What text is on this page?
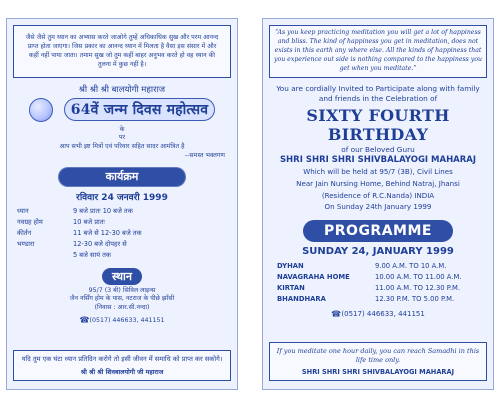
जैसे जैसे तुम ध्यान का अभ्यास करते जाओगे तुम्हें अधिकाधिक सुख और परम आनन्द प्राप्त होता जाएगा। जिस प्रकार का आनन्द ध्यान में मिलता है वैसा इस संसार में और कहीं नहीं पाया जाता। तमाम सुख जो तुम कहीं बाहर अनुभव करते हो वह ध्यान की तुलना में कुछ नहीं है।
श्री श्री श्री बालयोगी महाराज
64वें जन्म दिवस महोत्सव
के
पर
आप सभी इष्ट मित्रों एवं परिवार सहित सादर आमंत्रित है
--समस्त भक्तगण
कार्यक्रम
रविवार 24 जनवरी 1999
ध्यान	9 बजे प्रातः 10 बजे तक
नवग्रह होम	10 बजे प्रातः
कीर्तन	11 बजे से 12-30 बजे तक
भण्डारा	12-30 बजे दोपहर से
5 बजे सायं तक
स्थान
95/7 (3 बी) सिविल लाइन्स
जैन नर्सिंग होम के पास, नटराज के पीछे झाँसी
(निवास : आर.सी.नन्दा)
☎ (0517) 446633, 441151
यदि तुम एक घंटा ध्यान प्रतिदिन करोगे तो इसी जीवन में समाधि को प्राप्त कर सकोगे।
श्री श्री श्री शिवबालयोगी जी महाराज
“As you keep practicing meditation you will get a lot of happiness and bliss. The kind of happiness you get in meditation, does not exists in this earth any where else. All the kinds of happiness that you experience out side is nothing compared to the happiness you get when you meditate.”
You are cordially Invited to Participate along with family
and friends in the Celebration of
SIXTY FOURTH BIRTHDAY
of our Beloved Guru
SHRI SHRI SHRI SHIVBALAYOGI MAHARAJ
Which will be held at 95/7 (3B), Civil Lines
Near Jain Nursing Home, Behind Natraj, Jhansi
(Residence of R.C.Nanda) INDIA
On Sunday 24th January 1999
PROGRAMME
SUNDAY 24, JANUARY 1999
DYHAN	9.00 A.M. TO 10 A.M.
NAVAGRAHA HOME	10.00 A.M. TO 11.00 A.M.
KIRTAN	11.00 A.M. TO 12.30 P.M.
BHANDHARA	12.30 P.M. TO 5.00 P.M.
☎ (0517) 446633, 441151
If you meditate one hour daily, you can reach Samadhi in this life time only.
SHRI SHRI SHRI SHIVBALAYOGI MAHARAJ
